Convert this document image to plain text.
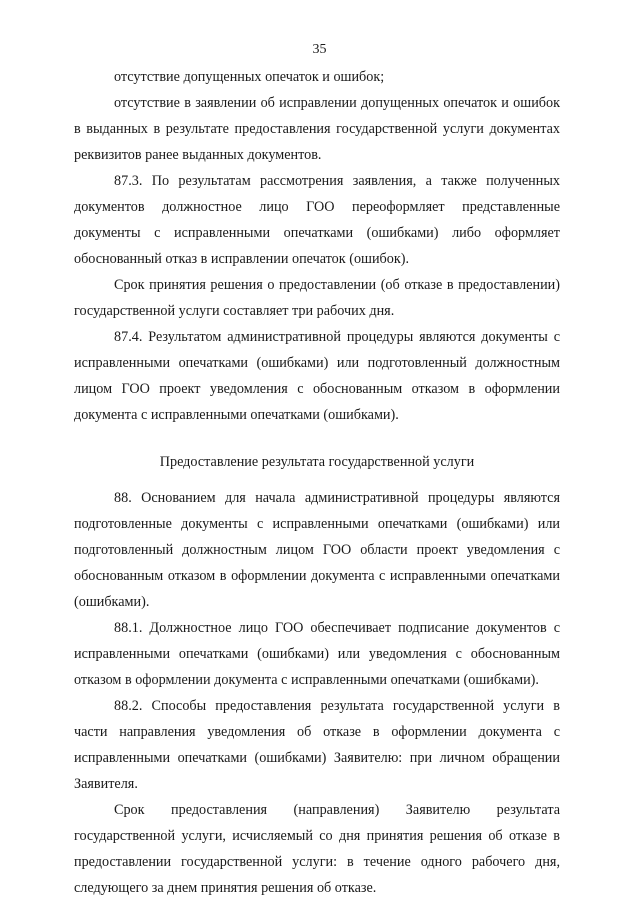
35

отсутствие допущенных опечаток и ошибок;

отсутствие в заявлении об исправлении допущенных опечаток и ошибок в выданных в результате предоставления государственной услуги документах реквизитов ранее выданных документов.

87.3. По результатам рассмотрения заявления, а также полученных документов должностное лицо ГОО переоформляет представленные документы с исправленными опечатками (ошибками) либо оформляет обоснованный отказ в исправлении опечаток (ошибок).

Срок принятия решения о предоставлении (об отказе в предоставлении) государственной услуги составляет три рабочих дня.

87.4. Результатом административной процедуры являются документы с исправленными опечатками (ошибками) или подготовленный должностным лицом ГОО проект уведомления с обоснованным отказом в оформлении документа с исправленными опечатками (ошибками).

Предоставление результата государственной услуги

88. Основанием для начала административной процедуры являются подготовленные документы с исправленными опечатками (ошибками) или подготовленный должностным лицом ГОО области проект уведомления с обоснованным отказом в оформлении документа с исправленными опечатками (ошибками).

88.1. Должностное лицо ГОО обеспечивает подписание документов с исправленными опечатками (ошибками) или уведомления с обоснованным отказом в оформлении документа с исправленными опечатками (ошибками).

88.2. Способы предоставления результата государственной услуги в части направления уведомления об отказе в оформлении документа с исправленными опечатками (ошибками) Заявителю: при личном обращении Заявителя.

Срок предоставления (направления) Заявителю результата государственной услуги, исчисляемый со дня принятия решения об отказе в предоставлении государственной услуги: в течение одного рабочего дня, следующего за днем принятия решения об отказе.
